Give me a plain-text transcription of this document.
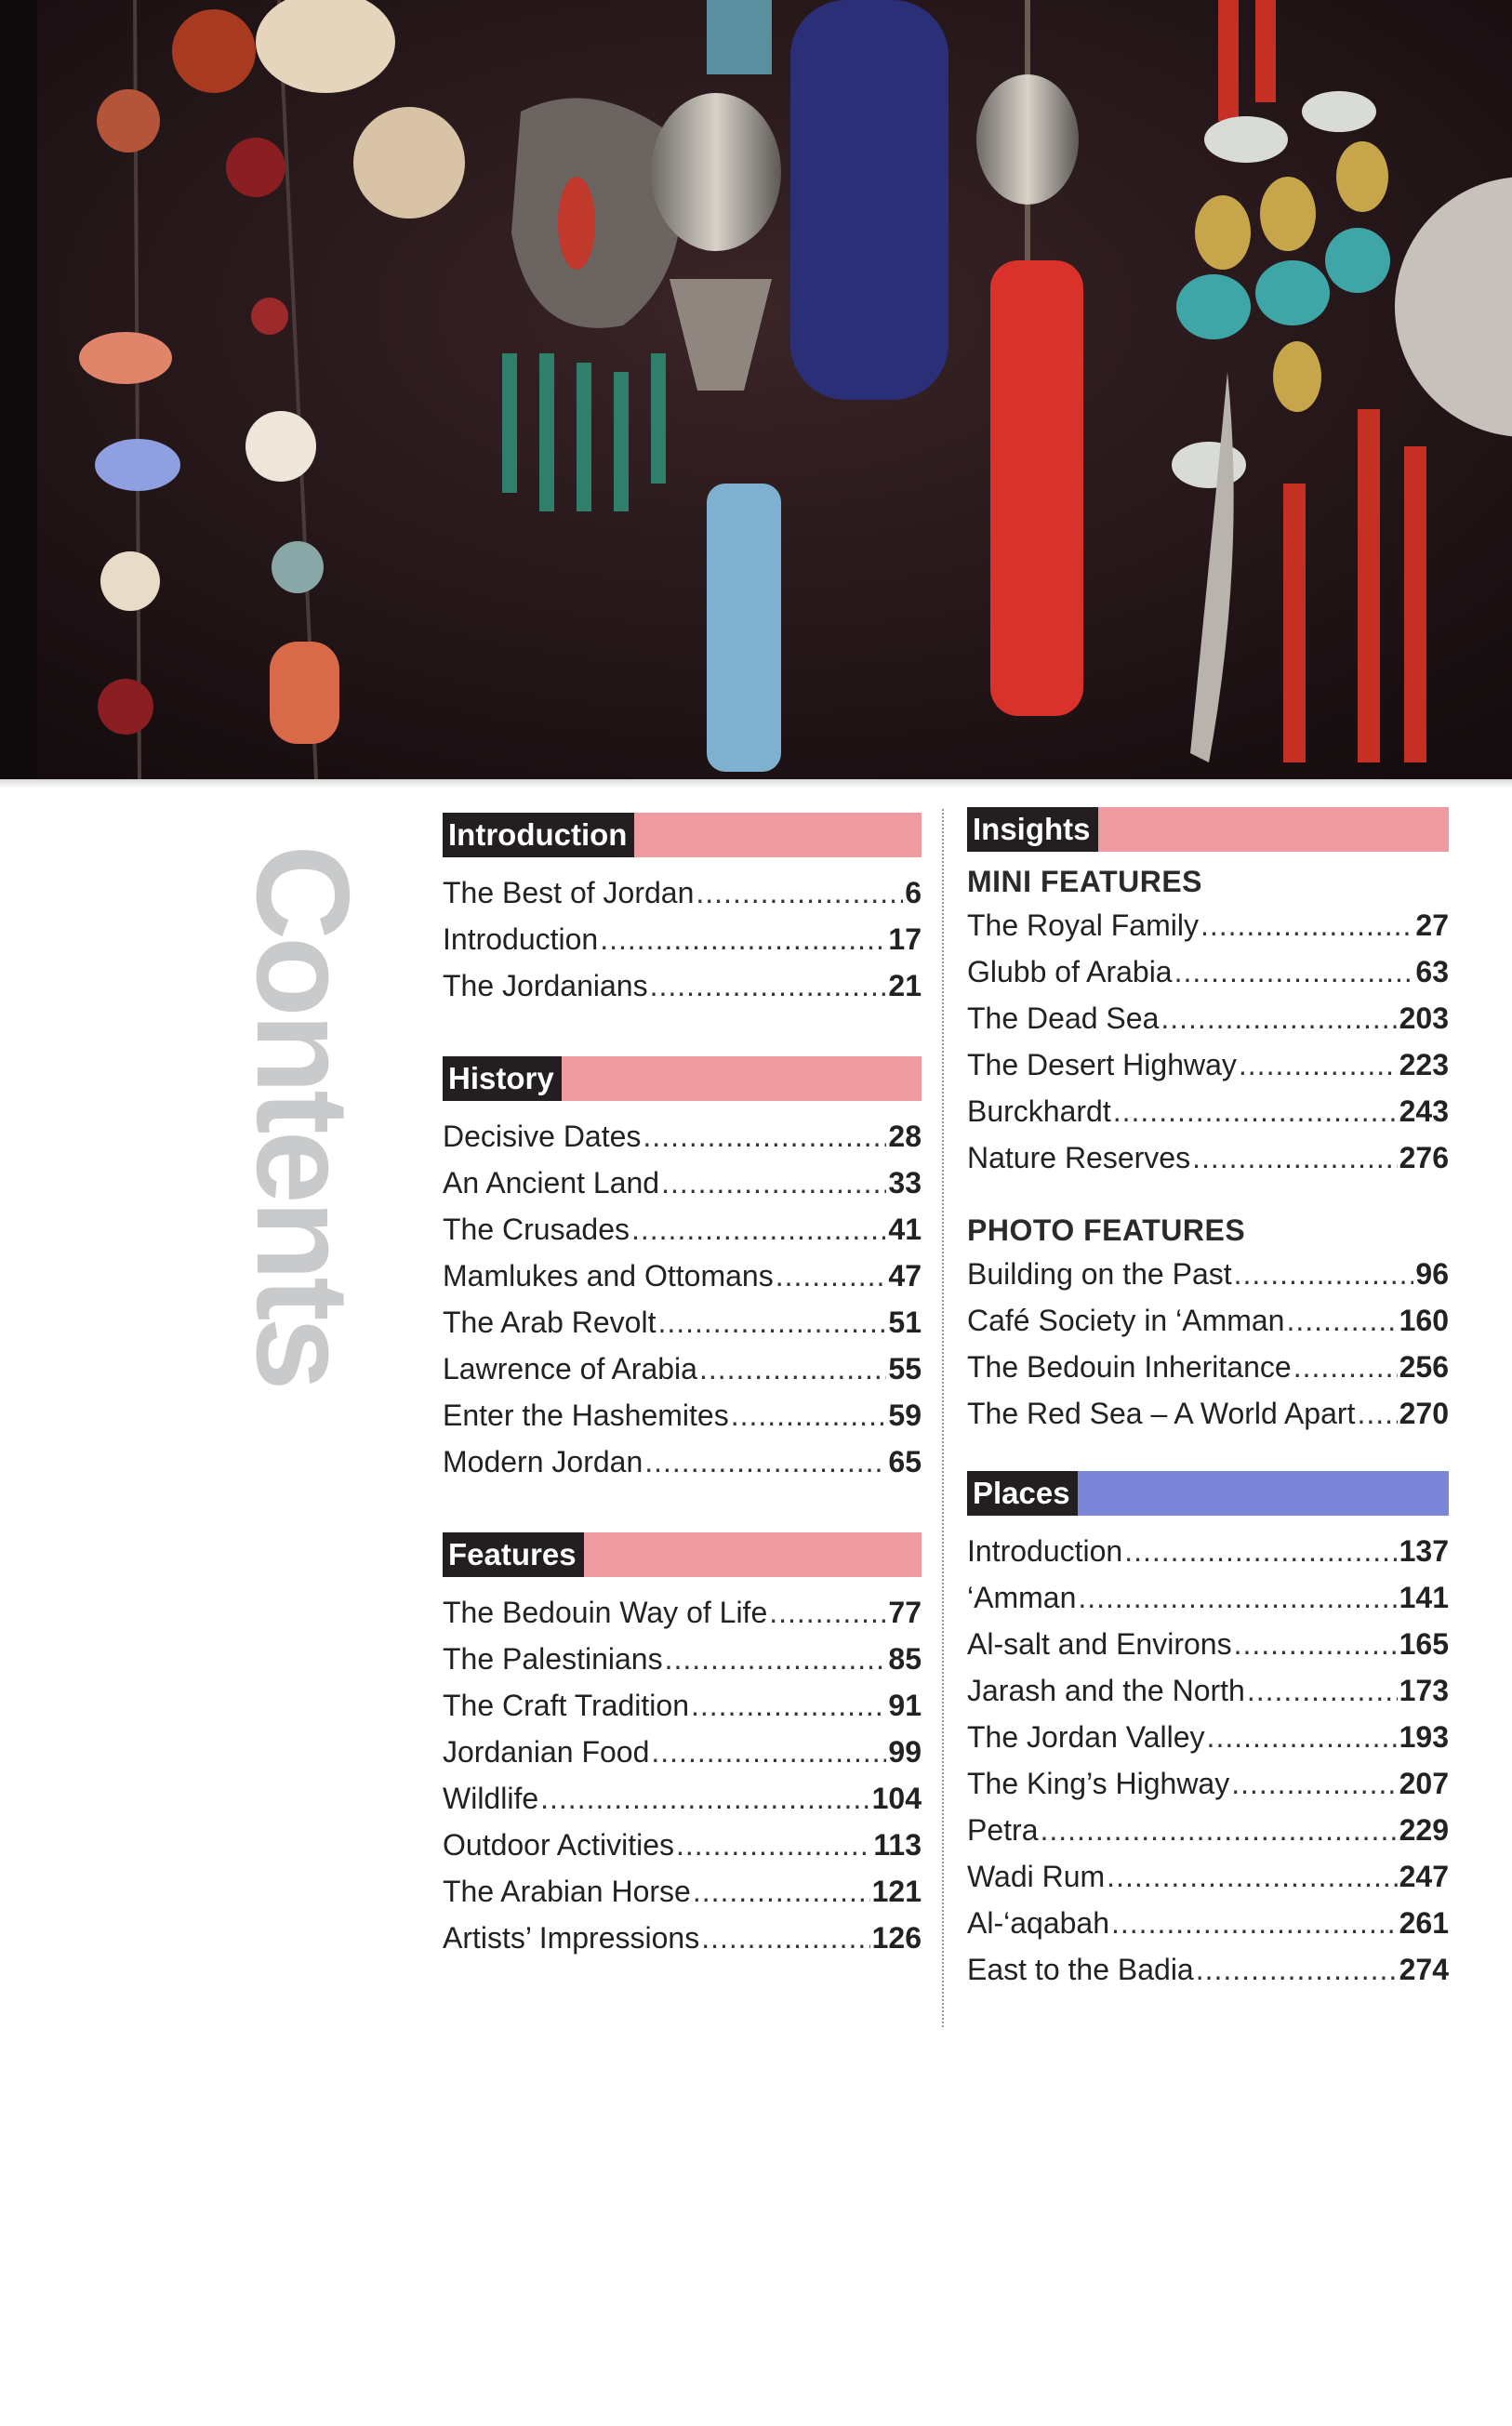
Contents
Introduction
The Best of Jordan .....	6
Introduction .....	17
The Jordanians .....	21
History
Decisive Dates .....	28
An Ancient Land .....	33
The Crusades .....	41
Mamlukes and Ottomans .....	47
The Arab Revolt .....	51
Lawrence of Arabia .....	55
Enter the Hashemites .....	59
Modern Jordan .....	65
Features
The Bedouin Way of Life .....	77
The Palestinians .....	85
The Craft Tradition .....	91
Jordanian Food .....	99
Wildlife .....	104
Outdoor Activities .....	113
The Arabian Horse .....	121
Artists’ Impressions .....	126
Insights
MINI FEATURES
The Royal Family .....	27
Glubb of Arabia .....	63
The Dead Sea .....	203
The Desert Highway .....	223
Burckhardt .....	243
Nature Reserves .....	276
PHOTO FEATURES
Building on the Past .....	96
Café Society in ‘Amman .....	160
The Bedouin Inheritance .....	256
The Red Sea – A World Apart ..... 270
Places
Introduction .....	137
‘Amman .....	141
Al-salt and Environs .....	165
Jarash and the North .....	173
The Jordan Valley .....	193
The King’s Highway .....	207
Petra .....	229
Wadi Rum .....	247
Al-‘aqabah .....	261
East to the Badia .....	274
